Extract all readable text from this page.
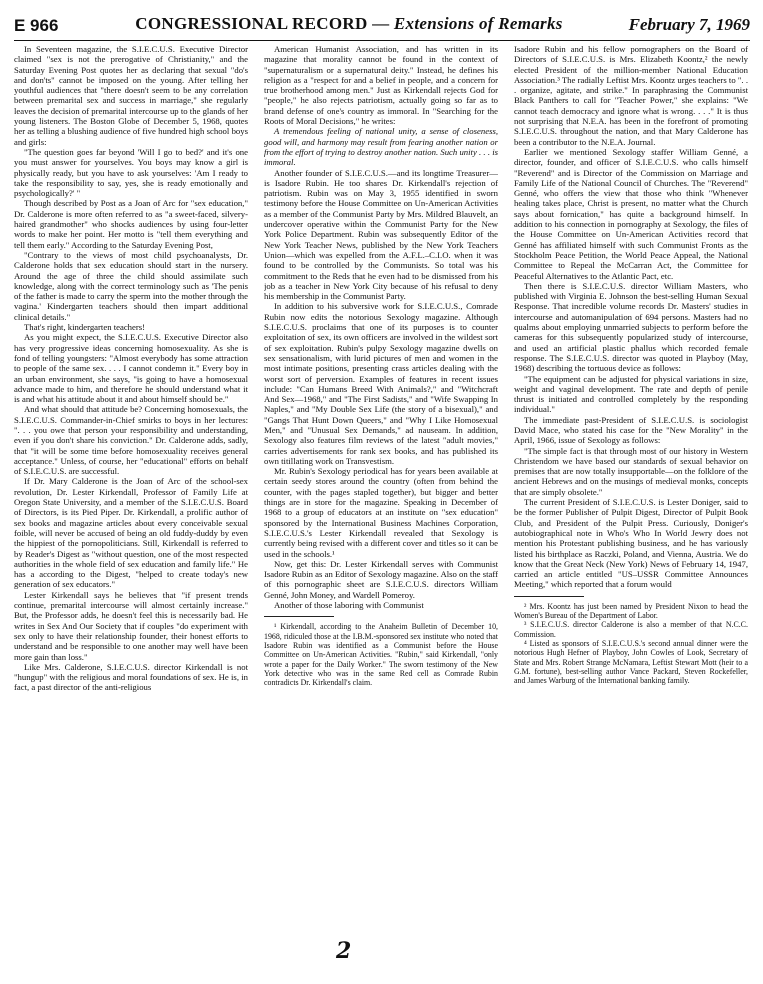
E 966	CONGRESSIONAL RECORD — Extensions of Remarks	February 7, 1969

In Seventeen magazine, the S.I.E.C.U.S. Executive Director claimed "sex is not the prerogative of Christianity," and the Saturday Evening Post quotes her as declaring that sexual "do's and don'ts" cannot be imposed on the young. After telling her youthful audiences that "there doesn't seem to be any correlation between premarital sex and success in marriage," she regularly leaves the decision of premarital intercourse up to the glands of her young listeners. The Boston Globe of December 5, 1968, quotes her as telling a blushing audience of five hundred high school boys and girls:

"The question goes far beyond 'Will I go to bed?' and it's one you must answer for yourselves. You boys may know a girl is physically ready, but you have to ask yourselves: 'Am I ready to take the responsibility to say, yes, she is ready emotionally and psychologically?' "

Though described by Post as a Joan of Arc for "sex education," Dr. Calderone is more often referred to as "a sweet-faced, silvery-haired grandmother" who shocks audiences by using four-letter words to make her point. Her motto is "tell them everything and tell them early." According to the Saturday Evening Post,

"Contrary to the views of most child psychoanalysts, Dr. Calderone holds that sex education should start in the nursery. Around the age of three the child should assimilate such knowledge, along with the correct terminology such as 'The penis of the father is made to carry the sperm into the mother through the vagina.' Kindergarten teachers should then impart additional clinical details."

That's right, kindergarten teachers!

As you might expect, the S.I.E.C.U.S. Executive Director also has very progressive ideas concerning homosexuality. As she is fond of telling youngsters: "Almost everybody has some attraction to people of the same sex. . . . I cannot condemn it." Every boy in an urban environment, she says, "is going to have a homosexual advance made to him, and therefore he should understand what it is and what his attitude about it and about himself should be."

And what should that attitude be? Concerning homosexuals, the S.I.E.C.U.S. Commander-in-Chief smirks to boys in her lectures: ". . . you owe that person your responsibility and understanding, even if you don't share his conviction." Dr. Calderone adds, sadly, that "it will be some time before homosexuality receives general acceptance." Unless, of course, her "educational" efforts on behalf of S.I.E.C.U.S. are successful.

If Dr. Mary Calderone is the Joan of Arc of the school-sex revolution, Dr. Lester Kirkendall, Professor of Family Life at Oregon State University, and a member of the S.I.E.C.U.S. Board of Directors, is its Pied Piper. Dr. Kirkendall, a prolific author of sex books and magazine articles about every conceivable sexual foible, will never be accused of being an old fuddy-duddy by even the hippiest of the pornopoliticians. Still, Kirkendall is referred to by Reader's Digest as "without question, one of the most respected authorities in the whole field of sex education and family life." He has a according to the Digest, "helped to create today's new generation of sex educators."

Lester Kirkendall says he believes that "if present trends continue, premarital intercourse will almost certainly increase." But, the Professor adds, he doesn't feel this is necessarily bad. He writes in Sex And Our Society that if couples "do experiment with sex only to have their relationship founder, their honest efforts to understand and be responsible to one another may well have been more gain than loss."

Like Mrs. Calderone, S.I.E.C.U.S. director Kirkendall is not "hungup" with the religious and moral foundations of sex. He is, in fact, a past director of the anti-religious

American Humanist Association, and has written in its magazine that morality cannot be found in the context of "supernaturalism or a supernatural deity." Instead, he defines his religion as a "respect for and a belief in people, and a concern for true brotherhood among men." Just as Kirkendall rejects God for "people," he also rejects patriotism, actually going so far as to brand defense of one's country as immoral. In "Searching for the Roots of Moral Decisions," he writes:

A tremendous feeling of national unity, a sense of closeness, good will, and harmony may result from fearing another nation or from the effort of trying to destroy another nation. Such unity . . . is immoral.

Another founder of S.I.E.C.U.S.—and its longtime Treasurer—is Isadore Rubin. He too shares Dr. Kirkendall's rejection of patriotism. Rubin was on May 3, 1955 identified in sworn testimony before the House Committee on Un-American Activities as a member of the Communist Party by Mrs. Mildred Blauvelt, an undercover operative within the Communist Party for the New York Police Department. Rubin was subsequently Editor of the New York Teacher News, published by the New York Teachers Union—which was expelled from the A.F.L.–C.I.O. when it was found to be controlled by the Communists. So total was his commitment to the Reds that he even had to be dismissed from his job as a teacher in New York City because of his refusal to deny his membership in the Communist Party.

In addition to his subversive work for S.I.E.C.U.S., Comrade Rubin now edits the notorious Sexology magazine. Although S.I.E.C.U.S. proclaims that one of its purposes is to counter exploitation of sex, its own officers are involved in the wildest sort of sex exploitation. Rubin's pulpy Sexology magazine dwells on sex sensationalism, with lurid pictures of men and women in the most intimate positions, presenting crass articles dealing with the worst sort of perversion. Examples of features in recent issues include: "Can Humans Breed With Animals?," and "Witchcraft And Sex—1968," and "The First Sadists," and "Wife Swapping In Naples," and "My Double Sex Life (the story of a bisexual)," and "Gangs That Hunt Down Queers," and "Why I Like Homosexual Men," and "Unusual Sex Demands," ad nauseam. In addition, Sexology also features film reviews of the latest "adult movies," carries advertisements for rank sex books, and has published its own titillating work on Transvestism.

Mr. Rubin's Sexology periodical has for years been available at certain seedy stores around the country (often from behind the counter, with the pages stapled together), but bigger and better things are in store for the magazine. Speaking in December of 1968 to a group of educators at an institute on "sex education" sponsored by the International Business Machines Corporation, S.I.E.C.U.S.'s Lester Kirkendall revealed that Sexology is currently being revised with a different cover and titles so it can be used in the schools.¹

Now, get this: Dr. Lester Kirkendall serves with Communist Isadore Rubin as an Editor of Sexology magazine. Also on the staff of this pornographic sheet are S.I.E.C.U.S. directors William Genné, John Money, and Wardell Pomeroy.

Another of those laboring with Communist

¹ Kirkendall, according to the Anaheim Bulletin of December 10, 1968, ridiculed those at the I.B.M.-sponsored sex institute who noted that Isadore Rubin was identified as a Communist before the House Committee on Un-American Activities. "Rubin," said Kirkendall, "only wrote a paper for the Daily Worker." The sworn testimony of the New York detective who was in the same Red cell as Comrade Rubin contradicts Dr. Kirkendall's claim.

Isadore Rubin and his fellow pornographers on the Board of Directors of S.I.E.C.U.S. is Mrs. Elizabeth Koontz,² the newly elected President of the million-member National Education Association.³ The radially Leftist Mrs. Koontz urges teachers to ". . . organize, agitate, and strike." In paraphrasing the Communist Black Panthers to call for "Teacher Power," she explains: "We cannot teach democracy and ignore what is wrong. . . ." It is thus not surprising that N.E.A. has been in the forefront of promoting S.I.E.C.U.S. throughout the nation, and that Mary Calderone has been a contributor to the N.E.A. Journal.

Earlier we mentioned Sexology staffer William Genné, a director, founder, and officer of S.I.E.C.U.S. who calls himself "Reverend" and is Director of the Commission on Marriage and Family Life of the National Council of Churches. The "Reverend" Genné, who offers the view that those who think "Whenever healing takes place, Christ is present, no matter what the Church says about fornication," has quite a background himself. In addition to his connection in pornography at Sexology, the files of the House Committee on Un-American Activities record that Genné has affiliated himself with such Communist Fronts as the Stockholm Peace Petition, the World Peace Appeal, the National Committee to Repeal the McCarran Act, the Committee for Peaceful Alternatives to the Atlantic Pact, etc.

Then there is S.I.E.C.U.S. director William Masters, who published with Virginia E. Johnson the best-selling Human Sexual Response. That incredible volume records Dr. Masters' studies in intercourse and automanipulation of 694 persons. Masters had no qualms about employing unmarried subjects to perform before the cameras for this subsequently popularized study of intercourse, and used an artificial plastic phallus which recorded female response. The S.I.E.C.U.S. director was quoted in Playboy (May, 1968) describing the tortuous device as follows:

"The equipment can be adjusted for physical variations in size, weight and vaginal development. The rate and depth of penile thrust is initiated and controlled completely by the responding individual."

The immediate past-President of S.I.E.C.U.S. is sociologist David Mace, who stated his case for the "New Morality" in the April, 1966, issue of Sexology as follows:

"The simple fact is that through most of our history in Western Christendom we have based our standards of sexual behavior on premises that are now totally insupportable—on the folklore of the ancient Hebrews and on the musings of medieval monks, concepts that are simply obsolete."

The current President of S.I.E.C.U.S. is Lester Doniger, said to be the former Publisher of Pulpit Digest, Director of Pulpit Book Club, and President of the Pulpit Press. Curiously, Doniger's autobiographical note in Who's Who In World Jewry does not mention his Protestant publishing business, and he has variously listed his birthplace as Raczki, Poland, and Vienna, Austria. We do know that the Great Neck (New York) News of February 14, 1947, carried an article entitled "US–USSR Committee Announces Meeting," which reported that a forum would

² Mrs. Koontz has just been named by President Nixon to head the Women's Bureau of the Department of Labor.

³ S.I.E.C.U.S. director Calderone is also a member of that N.C.C. Commission.

⁴ Listed as sponsors of S.I.E.C.U.S.'s second annual dinner were the notorious Hugh Hefner of Playboy, John Cowles of Look, Secretary of State and Mrs. Robert Strange McNamara, Leftist Stewart Mott (heir to a G.M. fortune), best-selling author Vance Packard, Steven Rockefeller, and James Warburg of the International banking family.

2
